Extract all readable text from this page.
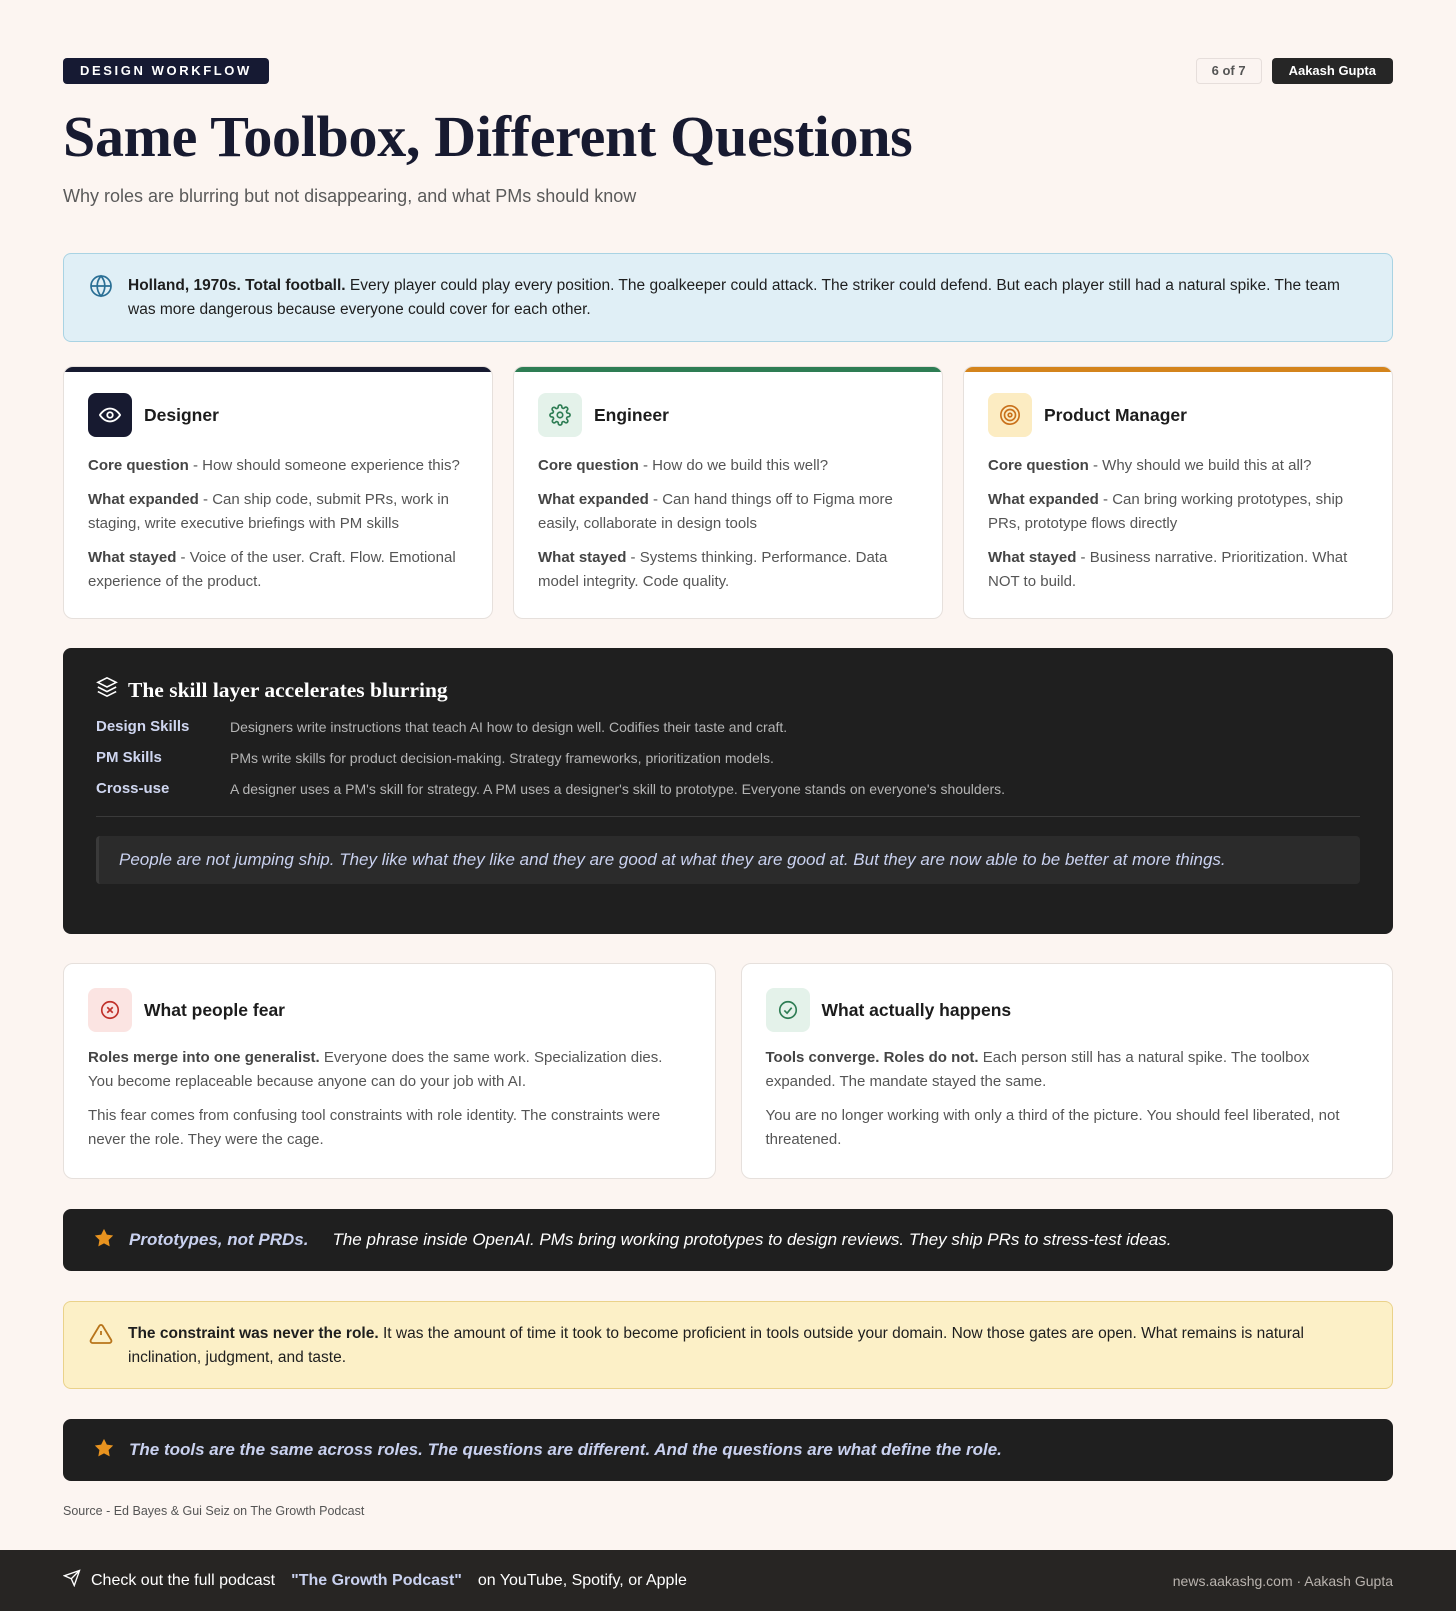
DESIGN WORKFLOW	6 of 7	Aakash Gupta
Same Toolbox, Different Questions
Why roles are blurring but not disappearing, and what PMs should know
Holland, 1970s. Total football. Every player could play every position. The goalkeeper could attack. The striker could defend. But each player still had a natural spike. The team was more dangerous because everyone could cover for each other.
Designer

Core question - How should someone experience this?

What expanded - Can ship code, submit PRs, work in staging, write executive briefings with PM skills

What stayed - Voice of the user. Craft. Flow. Emotional experience of the product.

Engineer

Core question - How do we build this well?

What expanded - Can hand things off to Figma more easily, collaborate in design tools

What stayed - Systems thinking. Performance. Data model integrity. Code quality.

Product Manager

Core question - Why should we build this at all?

What expanded - Can bring working prototypes, ship PRs, prototype flows directly

What stayed - Business narrative. Prioritization. What NOT to build.

The skill layer accelerates blurring
Design Skills	Designers write instructions that teach AI how to design well. Codifies their taste and craft.
PM Skills	PMs write skills for product decision-making. Strategy frameworks, prioritization models.
Cross-use	A designer uses a PM's skill for strategy. A PM uses a designer's skill to prototype. Everyone stands on everyone's shoulders.
People are not jumping ship. They like what they like and they are good at what they are good at. But they are now able to be better at more things.
What people fear

Roles merge into one generalist. Everyone does the same work. Specialization dies. You become replaceable because anyone can do your job with AI.

This fear comes from confusing tool constraints with role identity. The constraints were never the role. They were the cage.

What actually happens

Tools converge. Roles do not. Each person still has a natural spike. The toolbox expanded. The mandate stayed the same.

You are no longer working with only a third of the picture. You should feel liberated, not threatened.

Prototypes, not PRDs. The phrase inside OpenAI. PMs bring working prototypes to design reviews. They ship PRs to stress-test ideas.
The constraint was never the role. It was the amount of time it took to become proficient in tools outside your domain. Now those gates are open. What remains is natural inclination, judgment, and taste.
The tools are the same across roles. The questions are different. And the questions are what define the role.
Source - Ed Bayes & Gui Seiz on The Growth Podcast
Check out the full podcast "The Growth Podcast" on YouTube, Spotify, or Apple	news.aakashg.com · Aakash Gupta
